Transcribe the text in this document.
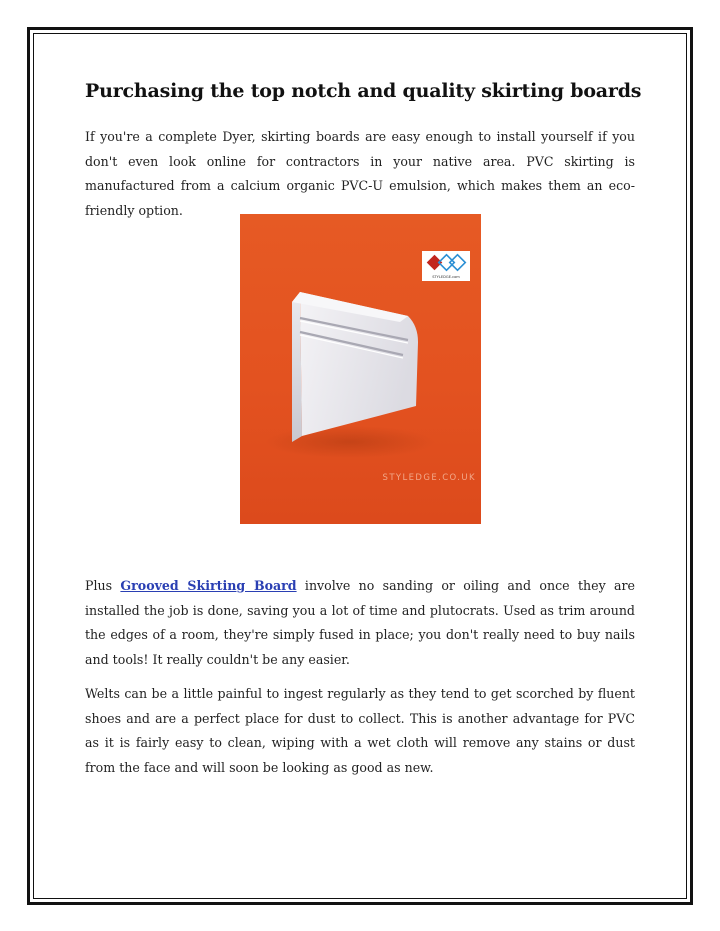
Purchasing the top notch and quality skirting boards

If you're a complete Dyer, skirting boards are easy enough to install yourself if you don't even look online for contractors in your native area. PVC skirting is manufactured from a calcium organic PVC-U emulsion, which makes them an eco-friendly option.

STYLEDGE.com
STYLEDGE.CO.UK

Plus Grooved Skirting Board involve no sanding or oiling and once they are installed the job is done, saving you a lot of time and plutocrats. Used as trim around the edges of a room, they're simply fused in place; you don't really need to buy nails and tools! It really couldn't be any easier.

Welts can be a little painful to ingest regularly as they tend to get scorched by fluent shoes and are a perfect place for dust to collect. This is another advantage for PVC as it is fairly easy to clean, wiping with a wet cloth will remove any stains or dust from the face and will soon be looking as good as new.
